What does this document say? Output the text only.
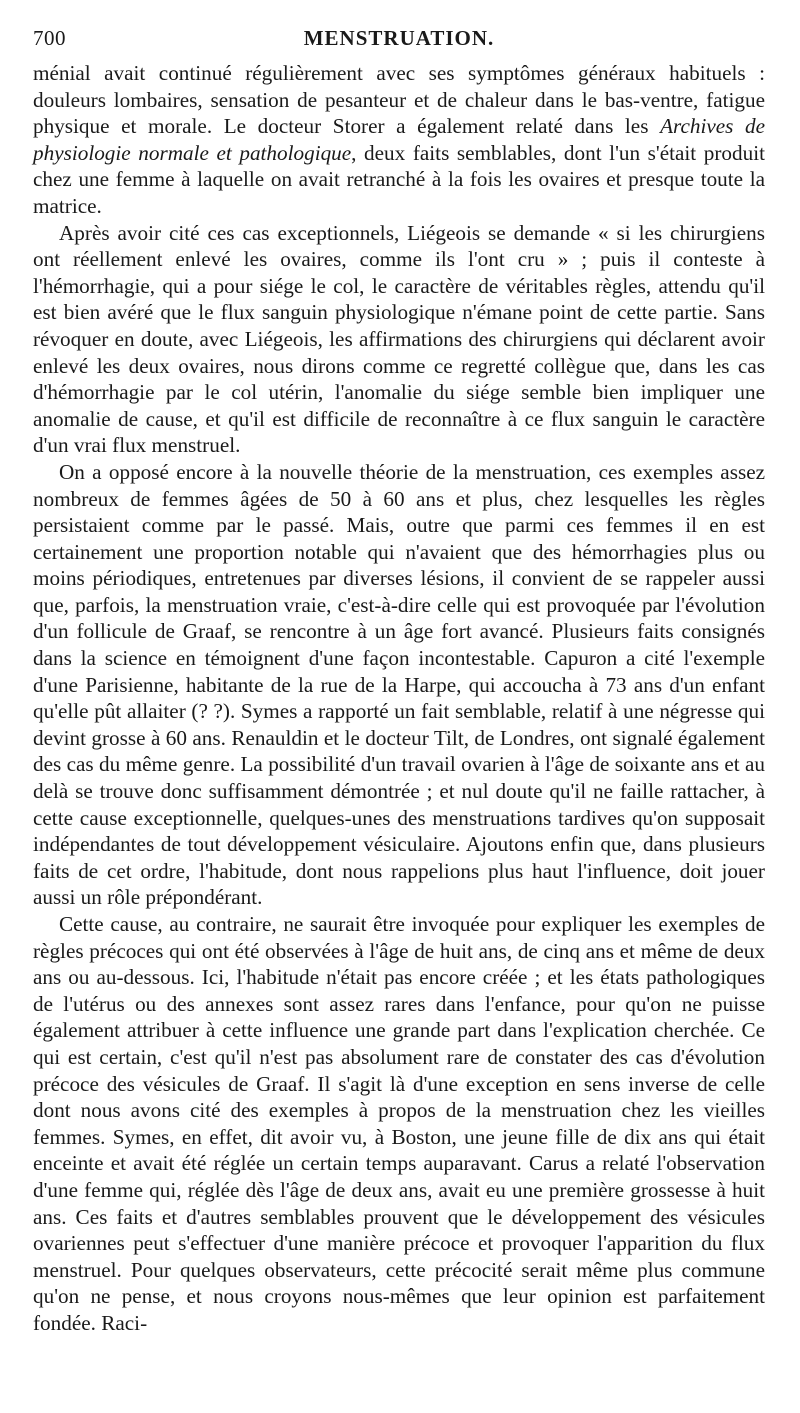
700	MENSTRUATION.

ménial avait continué régulièrement avec ses symptômes généraux habituels : douleurs lombaires, sensation de pesanteur et de chaleur dans le bas-ventre, fatigue physique et morale. Le docteur Storer a également relaté dans les Archives de physiologie normale et pathologique, deux faits semblables, dont l'un s'était produit chez une femme à laquelle on avait retranché à la fois les ovaires et presque toute la matrice.

Après avoir cité ces cas exceptionnels, Liégeois se demande « si les chirurgiens ont réellement enlevé les ovaires, comme ils l'ont cru » ; puis il conteste à l'hémorrhagie, qui a pour siége le col, le caractère de véritables règles, attendu qu'il est bien avéré que le flux sanguin physiologique n'émane point de cette partie. Sans révoquer en doute, avec Liégeois, les affirmations des chirurgiens qui déclarent avoir enlevé les deux ovaires, nous dirons comme ce regretté collègue que, dans les cas d'hémorrhagie par le col utérin, l'anomalie du siége semble bien impliquer une anomalie de cause, et qu'il est difficile de reconnaître à ce flux sanguin le caractère d'un vrai flux menstruel.

On a opposé encore à la nouvelle théorie de la menstruation, ces exemples assez nombreux de femmes âgées de 50 à 60 ans et plus, chez lesquelles les règles persistaient comme par le passé. Mais, outre que parmi ces femmes il en est certainement une proportion notable qui n'avaient que des hémorrhagies plus ou moins périodiques, entretenues par diverses lésions, il convient de se rappeler aussi que, parfois, la menstruation vraie, c'est-à-dire celle qui est provoquée par l'évolution d'un follicule de Graaf, se rencontre à un âge fort avancé. Plusieurs faits consignés dans la science en témoignent d'une façon incontestable. Capuron a cité l'exemple d'une Parisienne, habitante de la rue de la Harpe, qui accoucha à 73 ans d'un enfant qu'elle pût allaiter (? ?). Symes a rapporté un fait semblable, relatif à une négresse qui devint grosse à 60 ans. Renauldin et le docteur Tilt, de Londres, ont signalé également des cas du même genre. La possibilité d'un travail ovarien à l'âge de soixante ans et au delà se trouve donc suffisamment démontrée ; et nul doute qu'il ne faille rattacher, à cette cause exceptionnelle, quelques-unes des menstruations tardives qu'on supposait indépendantes de tout développement vésiculaire. Ajoutons enfin que, dans plusieurs faits de cet ordre, l'habitude, dont nous rappelions plus haut l'influence, doit jouer aussi un rôle prépondérant.

Cette cause, au contraire, ne saurait être invoquée pour expliquer les exemples de règles précoces qui ont été observées à l'âge de huit ans, de cinq ans et même de deux ans ou au-dessous. Ici, l'habitude n'était pas encore créée ; et les états pathologiques de l'utérus ou des annexes sont assez rares dans l'enfance, pour qu'on ne puisse également attribuer à cette influence une grande part dans l'explication cherchée. Ce qui est certain, c'est qu'il n'est pas absolument rare de constater des cas d'évolution précoce des vésicules de Graaf. Il s'agit là d'une exception en sens inverse de celle dont nous avons cité des exemples à propos de la menstruation chez les vieilles femmes. Symes, en effet, dit avoir vu, à Boston, une jeune fille de dix ans qui était enceinte et avait été réglée un certain temps auparavant. Carus a relaté l'observation d'une femme qui, réglée dès l'âge de deux ans, avait eu une première grossesse à huit ans. Ces faits et d'autres semblables prouvent que le développement des vésicules ovariennes peut s'effectuer d'une manière précoce et provoquer l'apparition du flux menstruel. Pour quelques observateurs, cette précocité serait même plus commune qu'on ne pense, et nous croyons nous-mêmes que leur opinion est parfaitement fondée. Raci-
